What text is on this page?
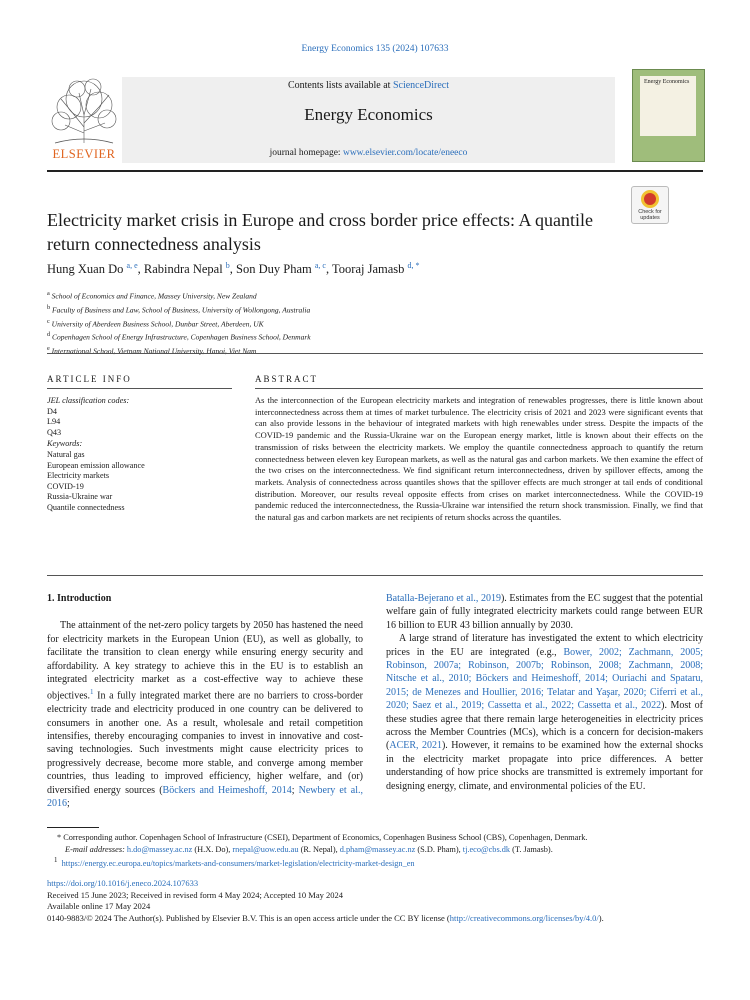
Energy Economics 135 (2024) 107633
ELSEVIER
Contents lists available at ScienceDirect
Energy Economics
journal homepage: www.elsevier.com/locate/eneeco
Energy Economics
Electricity market crisis in Europe and cross border price effects: A quantile return connectedness analysis
Check for updates
Hung Xuan Do $^{a, e}$, Rabindra Nepal $^b$, Son Duy Pham $^{a, c}$, Tooraj Jamasb $^{d, *}$
$^a$ School of Economics and Finance, Massey University, New Zealand
$^b$ Faculty of Business and Law, School of Business, University of Wollongong, Australia
$^c$ University of Aberdeen Business School, Dunbar Street, Aberdeen, UK
$^d$ Copenhagen School of Energy Infrastructure, Copenhagen Business School, Denmark
$^e$ International School, Vietnam National University, Hanoi, Viet Nam
ARTICLE INFO	ABSTRACT
JEL classification codes:
D4
L94
Q43
Keywords:
Natural gas
European emission allowance
Electricity markets
COVID-19
Russia-Ukraine war
Quantile connectedness
As the interconnection of the European electricity markets and integration of renewables progresses, there is little known about interconnectedness across them at times of market turbulence. The electricity crisis of 2021 and 2023 were significant events that can also provide lessons in the behaviour of integrated markets with high renewables under stress. Despite the impacts of the COVID-19 pandemic and the Russia-Ukraine war on the European energy market, little is known about their effects on the transmission of risks between the electricity markets. We employ the quantile connectedness approach to quantify the return connectedness between eleven key European markets, as well as the natural gas and carbon markets. We then examine the effect of the two crises on the interconnectedness. We find significant return interconnectedness, driven by spillover effects, among the markets. Analysis of connectedness across quantiles shows that the spillover effects are much stronger at tail ends of conditional distribution. Moreover, our results reveal opposite effects from crises on market interconnectedness. While the COVID-19 pandemic reduced the interconnectedness, the Russia-Ukraine war intensified the return shock transmission. Finally, we find that the natural gas and carbon markets are net recipients of return shocks across the quantiles.
1. Introduction

The attainment of the net-zero policy targets by 2050 has hastened the need for electricity markets in the European Union (EU), as well as globally, to facilitate the transition to clean energy while ensuring energy security and affordability. A key strategy to achieve this in the EU is to establish an integrated electricity market as a cost-effective way to achieve these objectives.$^1$ In a fully integrated market there are no barriers to cross-border electricity trade and electricity produced in one country can be delivered to consumers in another one. As a result, wholesale and retail competition intensifies, thereby encouraging companies to invest in innovative and cost-saving technologies. Such investments might cause electricity prices to progressively decrease, become more stable, and converge among member countries, thus leading to improved efficiency, higher welfare, and (or) diversified energy sources (Böckers and Heimeshoff, 2014; Newbery et al., 2016;

Batalla-Bejerano et al., 2019). Estimates from the EC suggest that the potential welfare gain of fully integrated electricity markets could range between EUR 16 billion to EUR 43 billion annually by 2030.

A large strand of literature has investigated the extent to which electricity prices in the EU are integrated (e.g., Bower, 2002; Zachmann, 2005; Robinson, 2007a; Robinson, 2007b; Robinson, 2008; Zachmann, 2008; Nitsche et al., 2010; Böckers and Heimeshoff, 2014; Ouriachi and Spataru, 2015; de Menezes and Houllier, 2016; Telatar and Yaşar, 2020; Ciferri et al., 2020; Saez et al., 2019; Cassetta et al., 2022; Cassetta et al., 2022). Most of these studies agree that there remain large heterogeneities in electricity prices across the Member Countries (MCs), which is a concern for decision-makers (ACER, 2021). However, it remains to be examined how the external shocks in the electricity market propagate into price differences. A better understanding of how price shocks are transmitted is extremely important for designing energy, climate, and environmental policies of the EU.

* Corresponding author. Copenhagen School of Infrastructure (CSEI), Department of Economics, Copenhagen Business School (CBS), Copenhagen, Denmark.
E-mail addresses: h.do@massey.ac.nz (H.X. Do), rnepal@uow.edu.au (R. Nepal), d.pham@massey.ac.nz (S.D. Pham), tj.eco@cbs.dk (T. Jamasb).
$^1$ https://energy.ec.europa.eu/topics/markets-and-consumers/market-legislation/electricity-market-design_en
https://doi.org/10.1016/j.eneco.2024.107633
Received 15 June 2023; Received in revised form 4 May 2024; Accepted 10 May 2024
Available online 17 May 2024
0140-9883/© 2024 The Author(s). Published by Elsevier B.V. This is an open access article under the CC BY license (http://creativecommons.org/licenses/by/4.0/).
